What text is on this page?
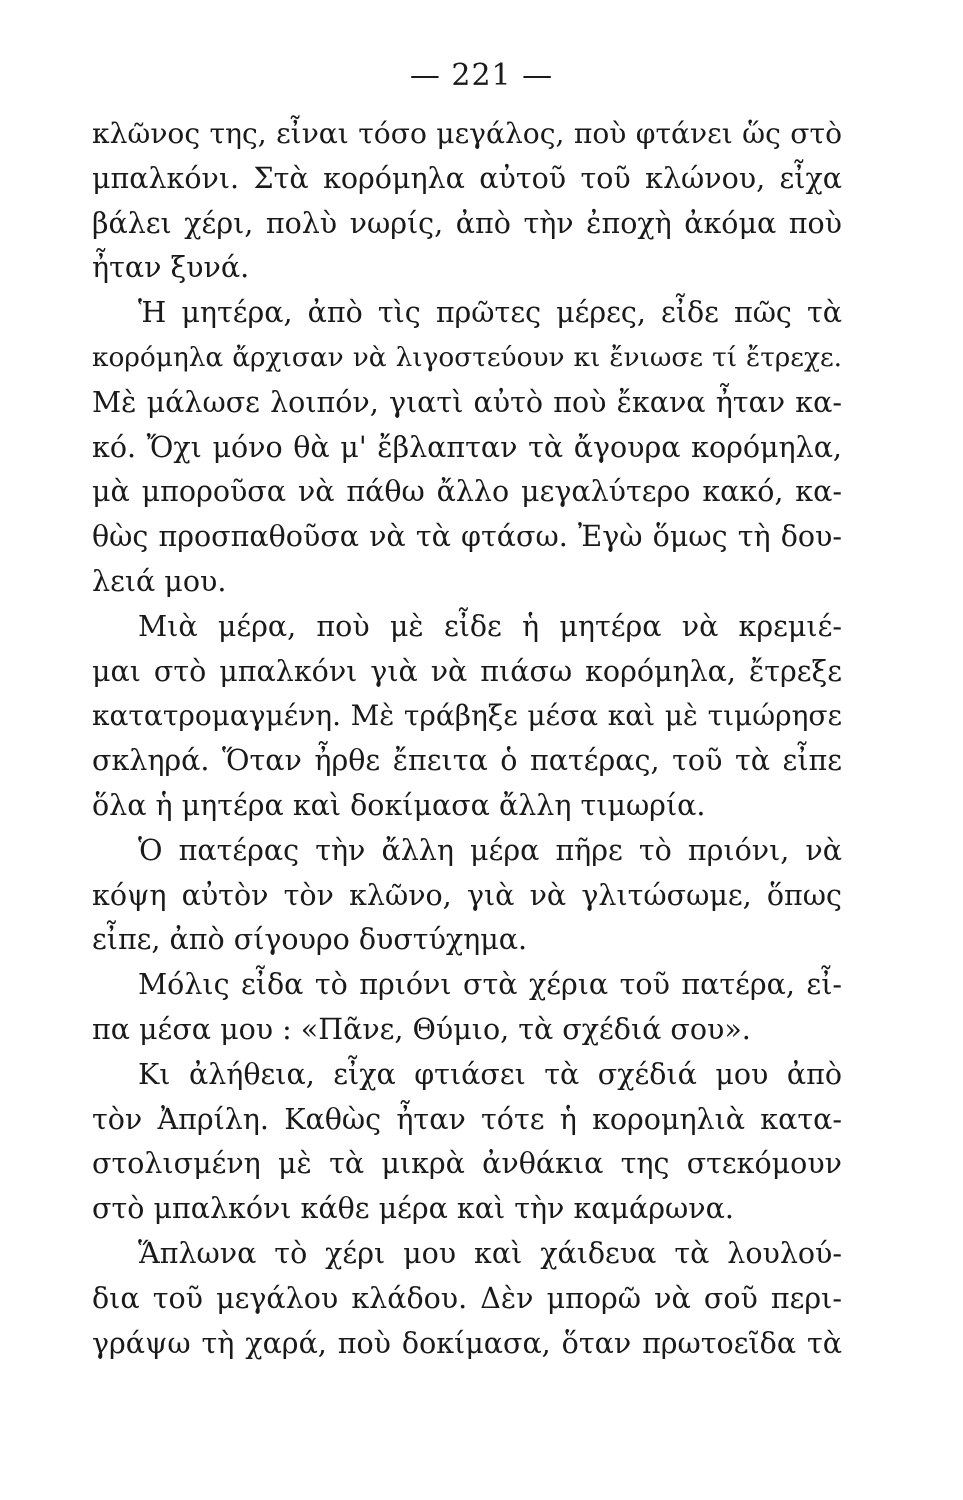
— 221 —
κλῶνος της, εἶναι τόσο μεγάλος, ποὺ φτάνει ὥς στὸ
μπαλκόνι. Στὰ κορόμηλα αὐτοῦ τοῦ κλώνου, εἶχα
βάλει χέρι, πολὺ νωρίς, ἀπὸ τὴν ἐποχὴ ἀκόμα ποὺ
ἦταν ξυνά.
Ἡ μητέρα, ἀπὸ τὶς πρῶτες μέρες, εἶδε πῶς τὰ
κορόμηλα ἄρχισαν νὰ λιγοστεύουν κι ἔνιωσε τί ἔτρεχε.
Μὲ μάλωσε λοιπόν, γιατὶ αὐτὸ ποὺ ἔκανα ἦταν κα-
κό. Ὄχι μόνο θὰ μ' ἔβλαπταν τὰ ἄγουρα κορόμηλα,
μὰ μποροῦσα νὰ πάθω ἄλλο μεγαλύτερο κακό, κα-
θὼς προσπαθοῦσα νὰ τὰ φτάσω. Ἐγὼ ὅμως τὴ δου-
λειά μου.
Μιὰ μέρα, ποὺ μὲ εἶδε ἡ μητέρα νὰ κρεμιέ-
μαι στὸ μπαλκόνι γιὰ νὰ πιάσω κορόμηλα, ἔτρεξε
κατατρομαγμένη. Μὲ τράβηξε μέσα καὶ μὲ τιμώρησε
σκληρά. Ὅταν ἦρθε ἔπειτα ὁ πατέρας, τοῦ τὰ εἶπε
ὅλα ἡ μητέρα καὶ δοκίμασα ἄλλη τιμωρία.
Ὁ πατέρας τὴν ἄλλη μέρα πῆρε τὸ πριόνι, νὰ
κόψη αὐτὸν τὸν κλῶνο, γιὰ νὰ γλιτώσωμε, ὅπως
εἶπε, ἀπὸ σίγουρο δυστύχημα.
Μόλις εἶδα τὸ πριόνι στὰ χέρια τοῦ πατέρα, εἶ-
πα μέσα μου : «Πᾶνε, Θύμιο, τὰ σχέδιά σου».
Κι ἀλήθεια, εἶχα φτιάσει τὰ σχέδιά μου ἀπὸ
τὸν Ἀπρίλη. Καθὼς ἦταν τότε ἡ κορομηλιὰ κατα-
στολισμένη μὲ τὰ μικρὰ ἀνθάκια της στεκόμουν
στὸ μπαλκόνι κάθε μέρα καὶ τὴν καμάρωνα.
Ἅπλωνα τὸ χέρι μου καὶ χάιδευα τὰ λουλού-
δια τοῦ μεγάλου κλάδου. Δὲν μπορῶ νὰ σοῦ περι-
γράψω τὴ χαρά, ποὺ δοκίμασα, ὅταν πρωτοεῖδα τὰ
